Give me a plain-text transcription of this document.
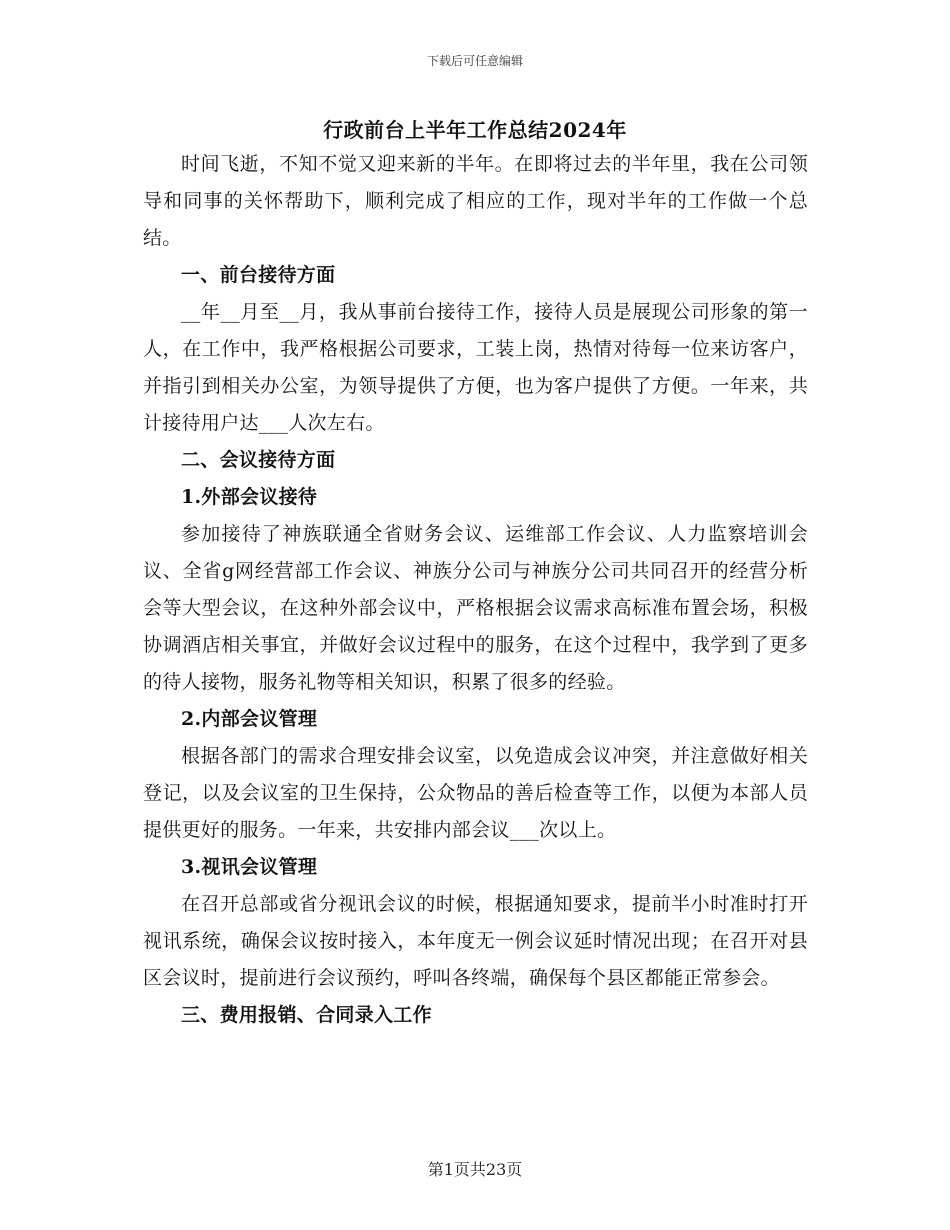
下载后可任意编辑
行政前台上半年工作总结2024年

时间飞逝，不知不觉又迎来新的半年。在即将过去的半年里，我在公司领导和同事的关怀帮助下，顺利完成了相应的工作，现对半年的工作做一个总结。

一、前台接待方面

__年__月至__月，我从事前台接待工作，接待人员是展现公司形象的第一人，在工作中，我严格根据公司要求，工装上岗，热情对待每一位来访客户，并指引到相关办公室，为领导提供了方便，也为客户提供了方便。一年来，共计接待用户达___人次左右。

二、会议接待方面

1.外部会议接待

参加接待了神族联通全省财务会议、运维部工作会议、人力监察培训会议、全省g网经营部工作会议、神族分公司与神族分公司共同召开的经营分析会等大型会议，在这种外部会议中，严格根据会议需求高标准布置会场，积极协调酒店相关事宜，并做好会议过程中的服务，在这个过程中，我学到了更多的待人接物，服务礼物等相关知识，积累了很多的经验。

2.内部会议管理

根据各部门的需求合理安排会议室，以免造成会议冲突，并注意做好相关登记，以及会议室的卫生保持，公众物品的善后检查等工作，以便为本部人员提供更好的服务。一年来，共安排内部会议___次以上。

3.视讯会议管理

在召开总部或省分视讯会议的时候，根据通知要求，提前半小时准时打开视讯系统，确保会议按时接入，本年度无一例会议延时情况出现；在召开对县区会议时，提前进行会议预约，呼叫各终端，确保每个县区都能正常参会。

三、费用报销、合同录入工作

第1页共23页
